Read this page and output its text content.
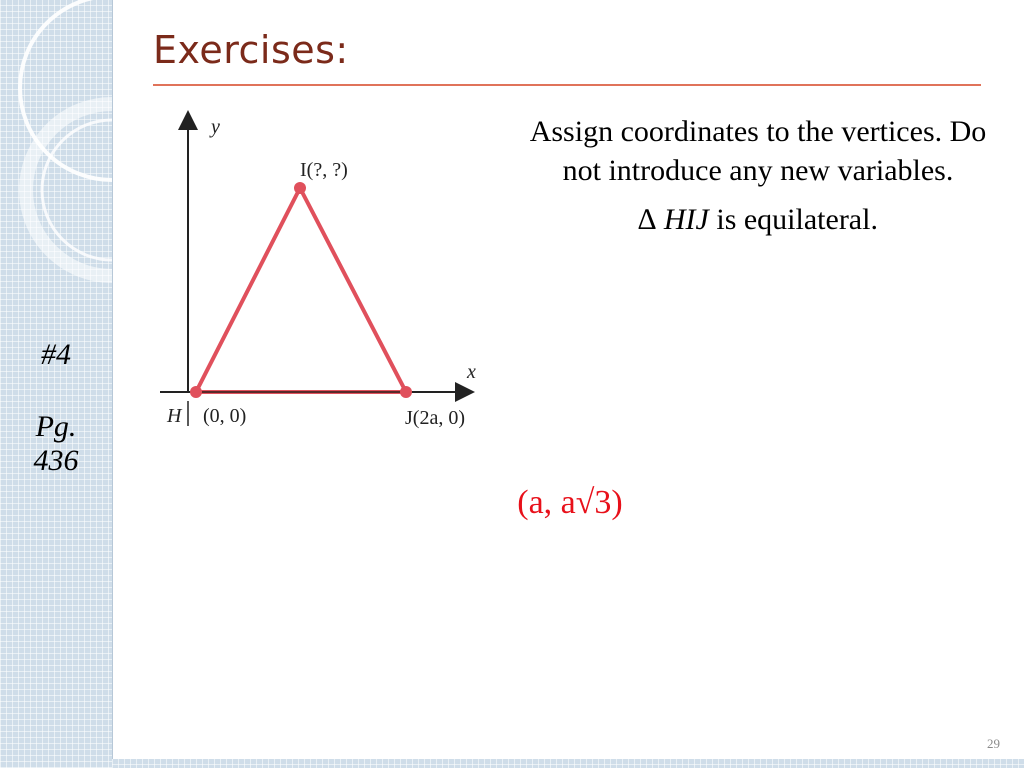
#4
Pg.
436
Exercises:
y
x
I(?, ?)
H (0, 0)	J(2a, 0)

Assign coordinates to the vertices. Do not introduce any new variables.

∆ HIJ is equilateral.

(a, a√3)
29
